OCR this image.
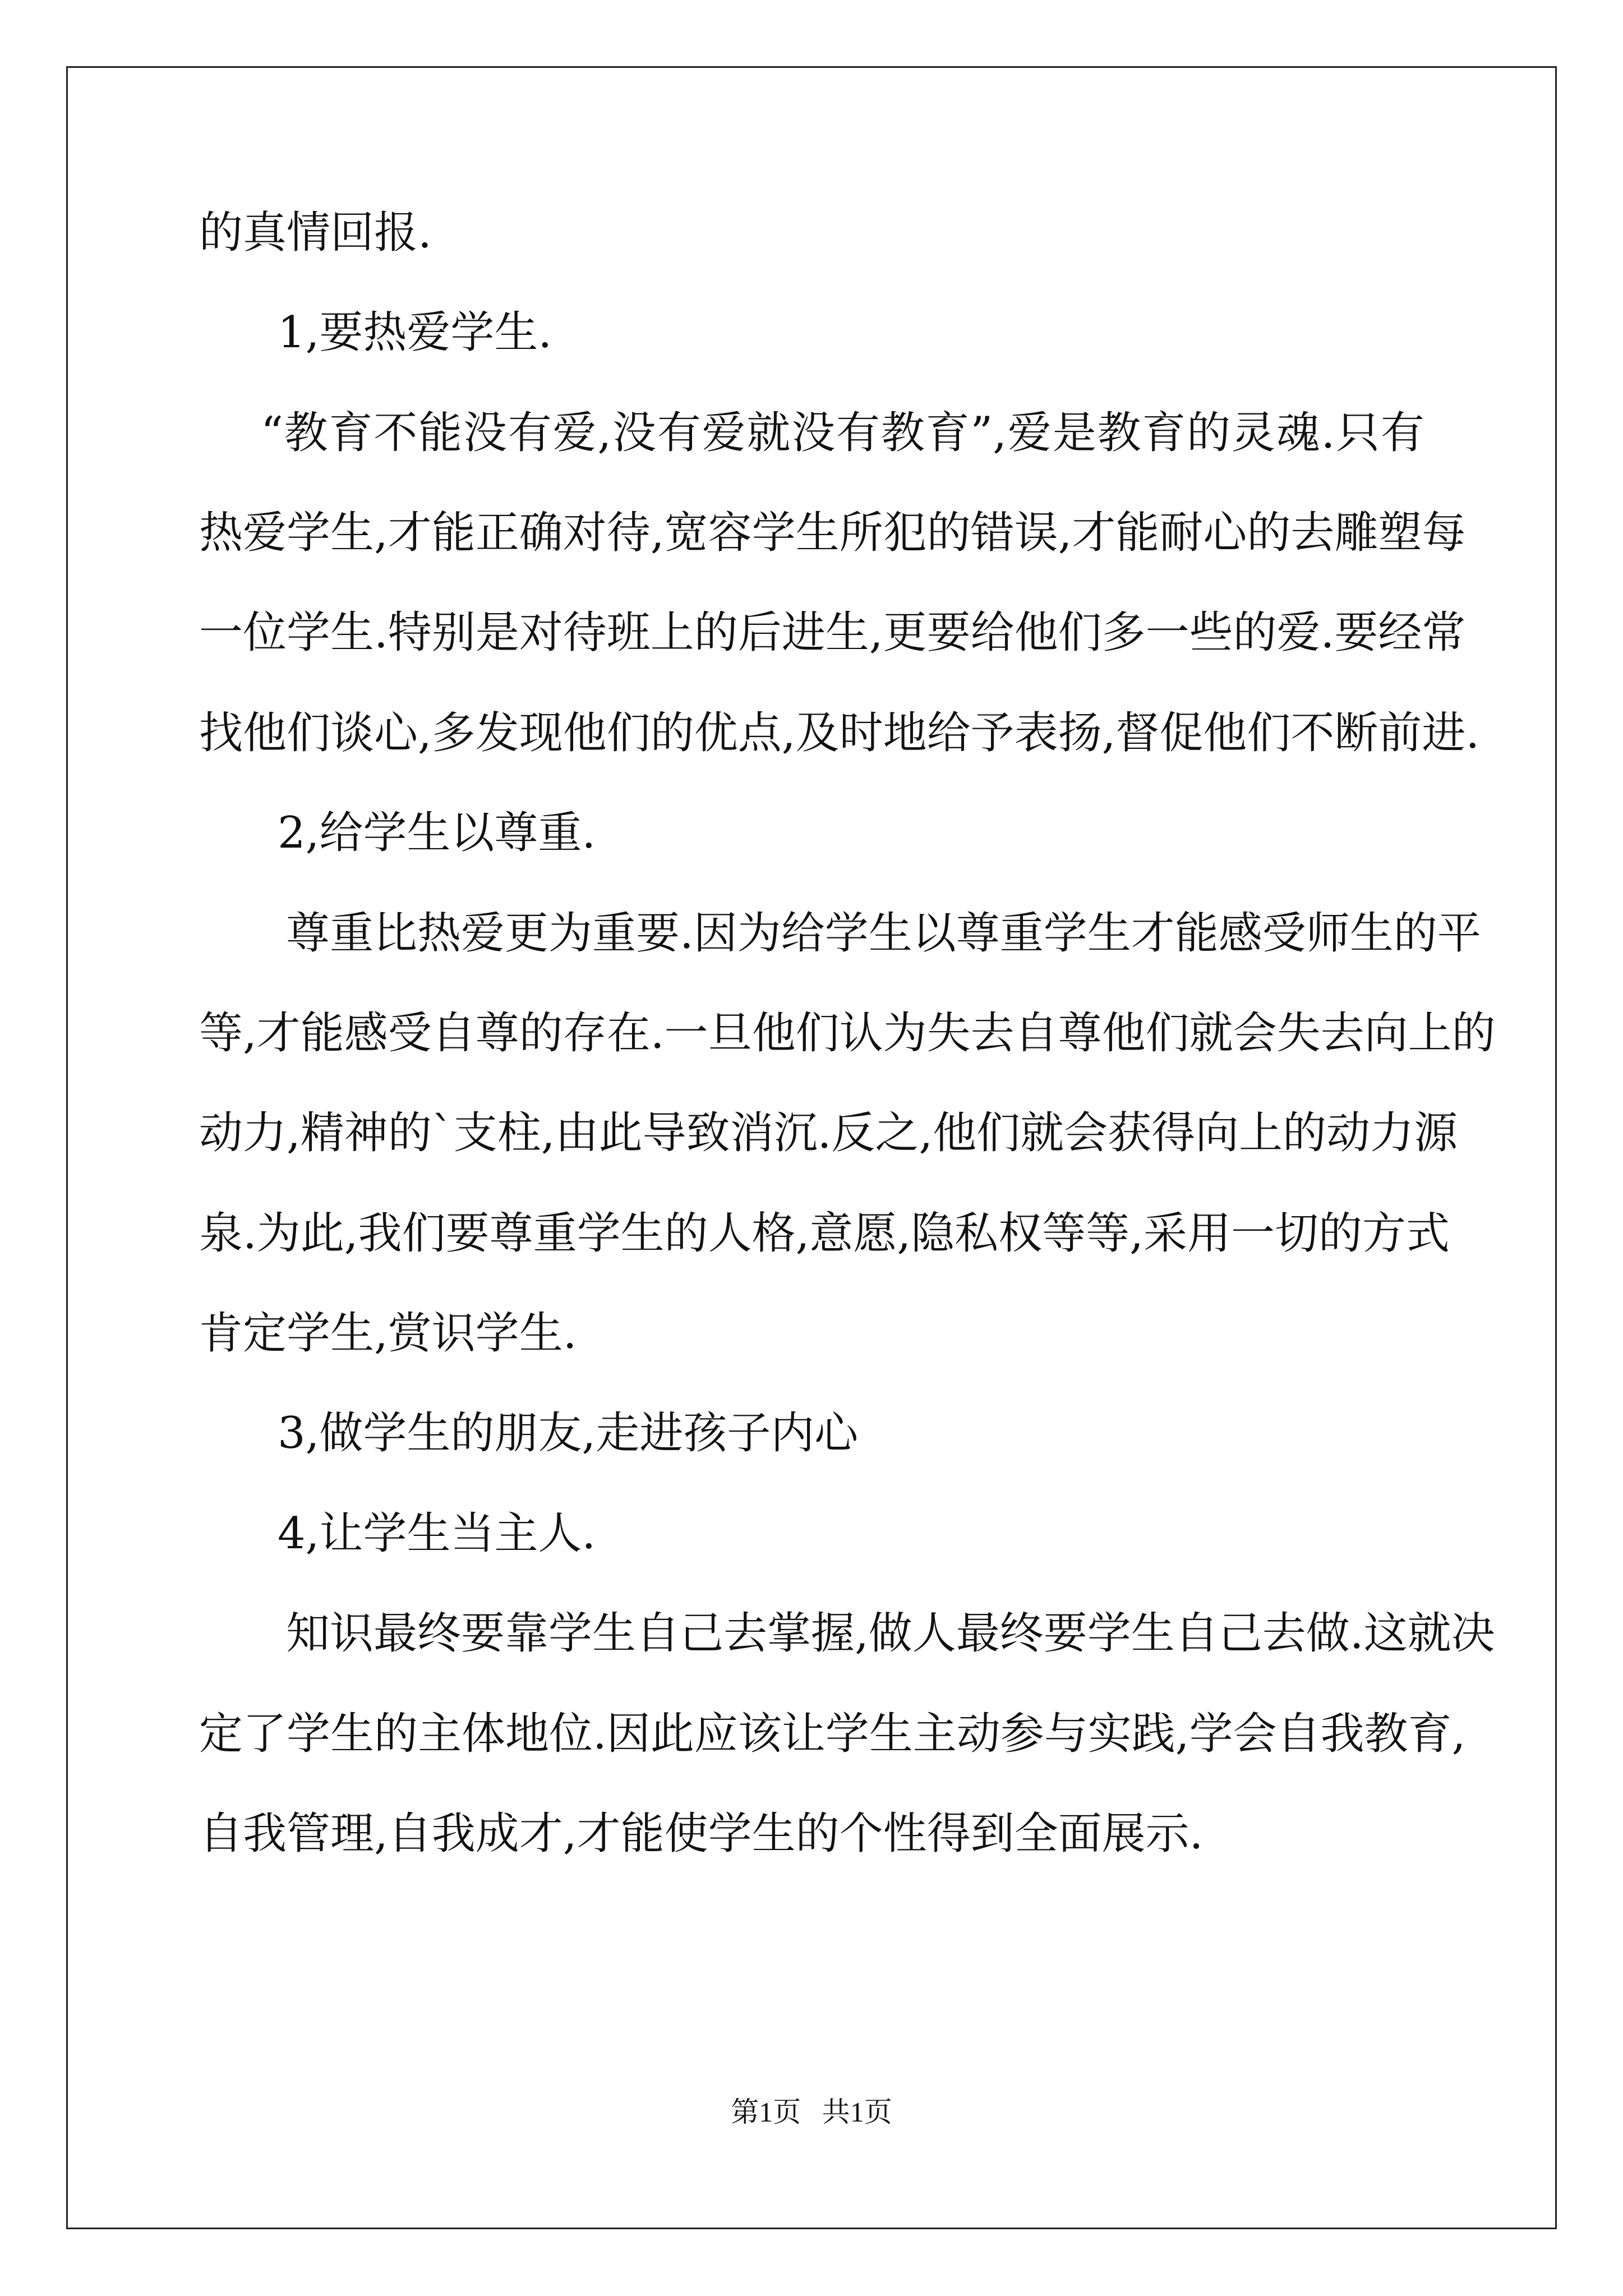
的真情回报.
1,要热爱学生.
“教育不能没有爱,没有爱就没有教育”,爱是教育的灵魂.只有
热爱学生,才能正确对待,宽容学生所犯的错误,才能耐心的去雕塑每
一位学生.特别是对待班上的后进生,更要给他们多一些的爱.要经常
找他们谈心,多发现他们的优点,及时地给予表扬,督促他们不断前进.
2,给学生以尊重.
尊重比热爱更为重要.因为给学生以尊重学生才能感受师生的平
等,才能感受自尊的存在.一旦他们认为失去自尊他们就会失去向上的
动力,精神的`支柱,由此导致消沉.反之,他们就会获得向上的动力源
泉.为此,我们要尊重学生的人格,意愿,隐私权等等,采用一切的方式
肯定学生,赏识学生.
3,做学生的朋友,走进孩子内心
4,让学生当主人.
知识最终要靠学生自己去掌握,做人最终要学生自己去做.这就决
定了学生的主体地位.因此应该让学生主动参与实践,学会自我教育,
自我管理,自我成才,才能使学生的个性得到全面展示.
第1页   共1页
